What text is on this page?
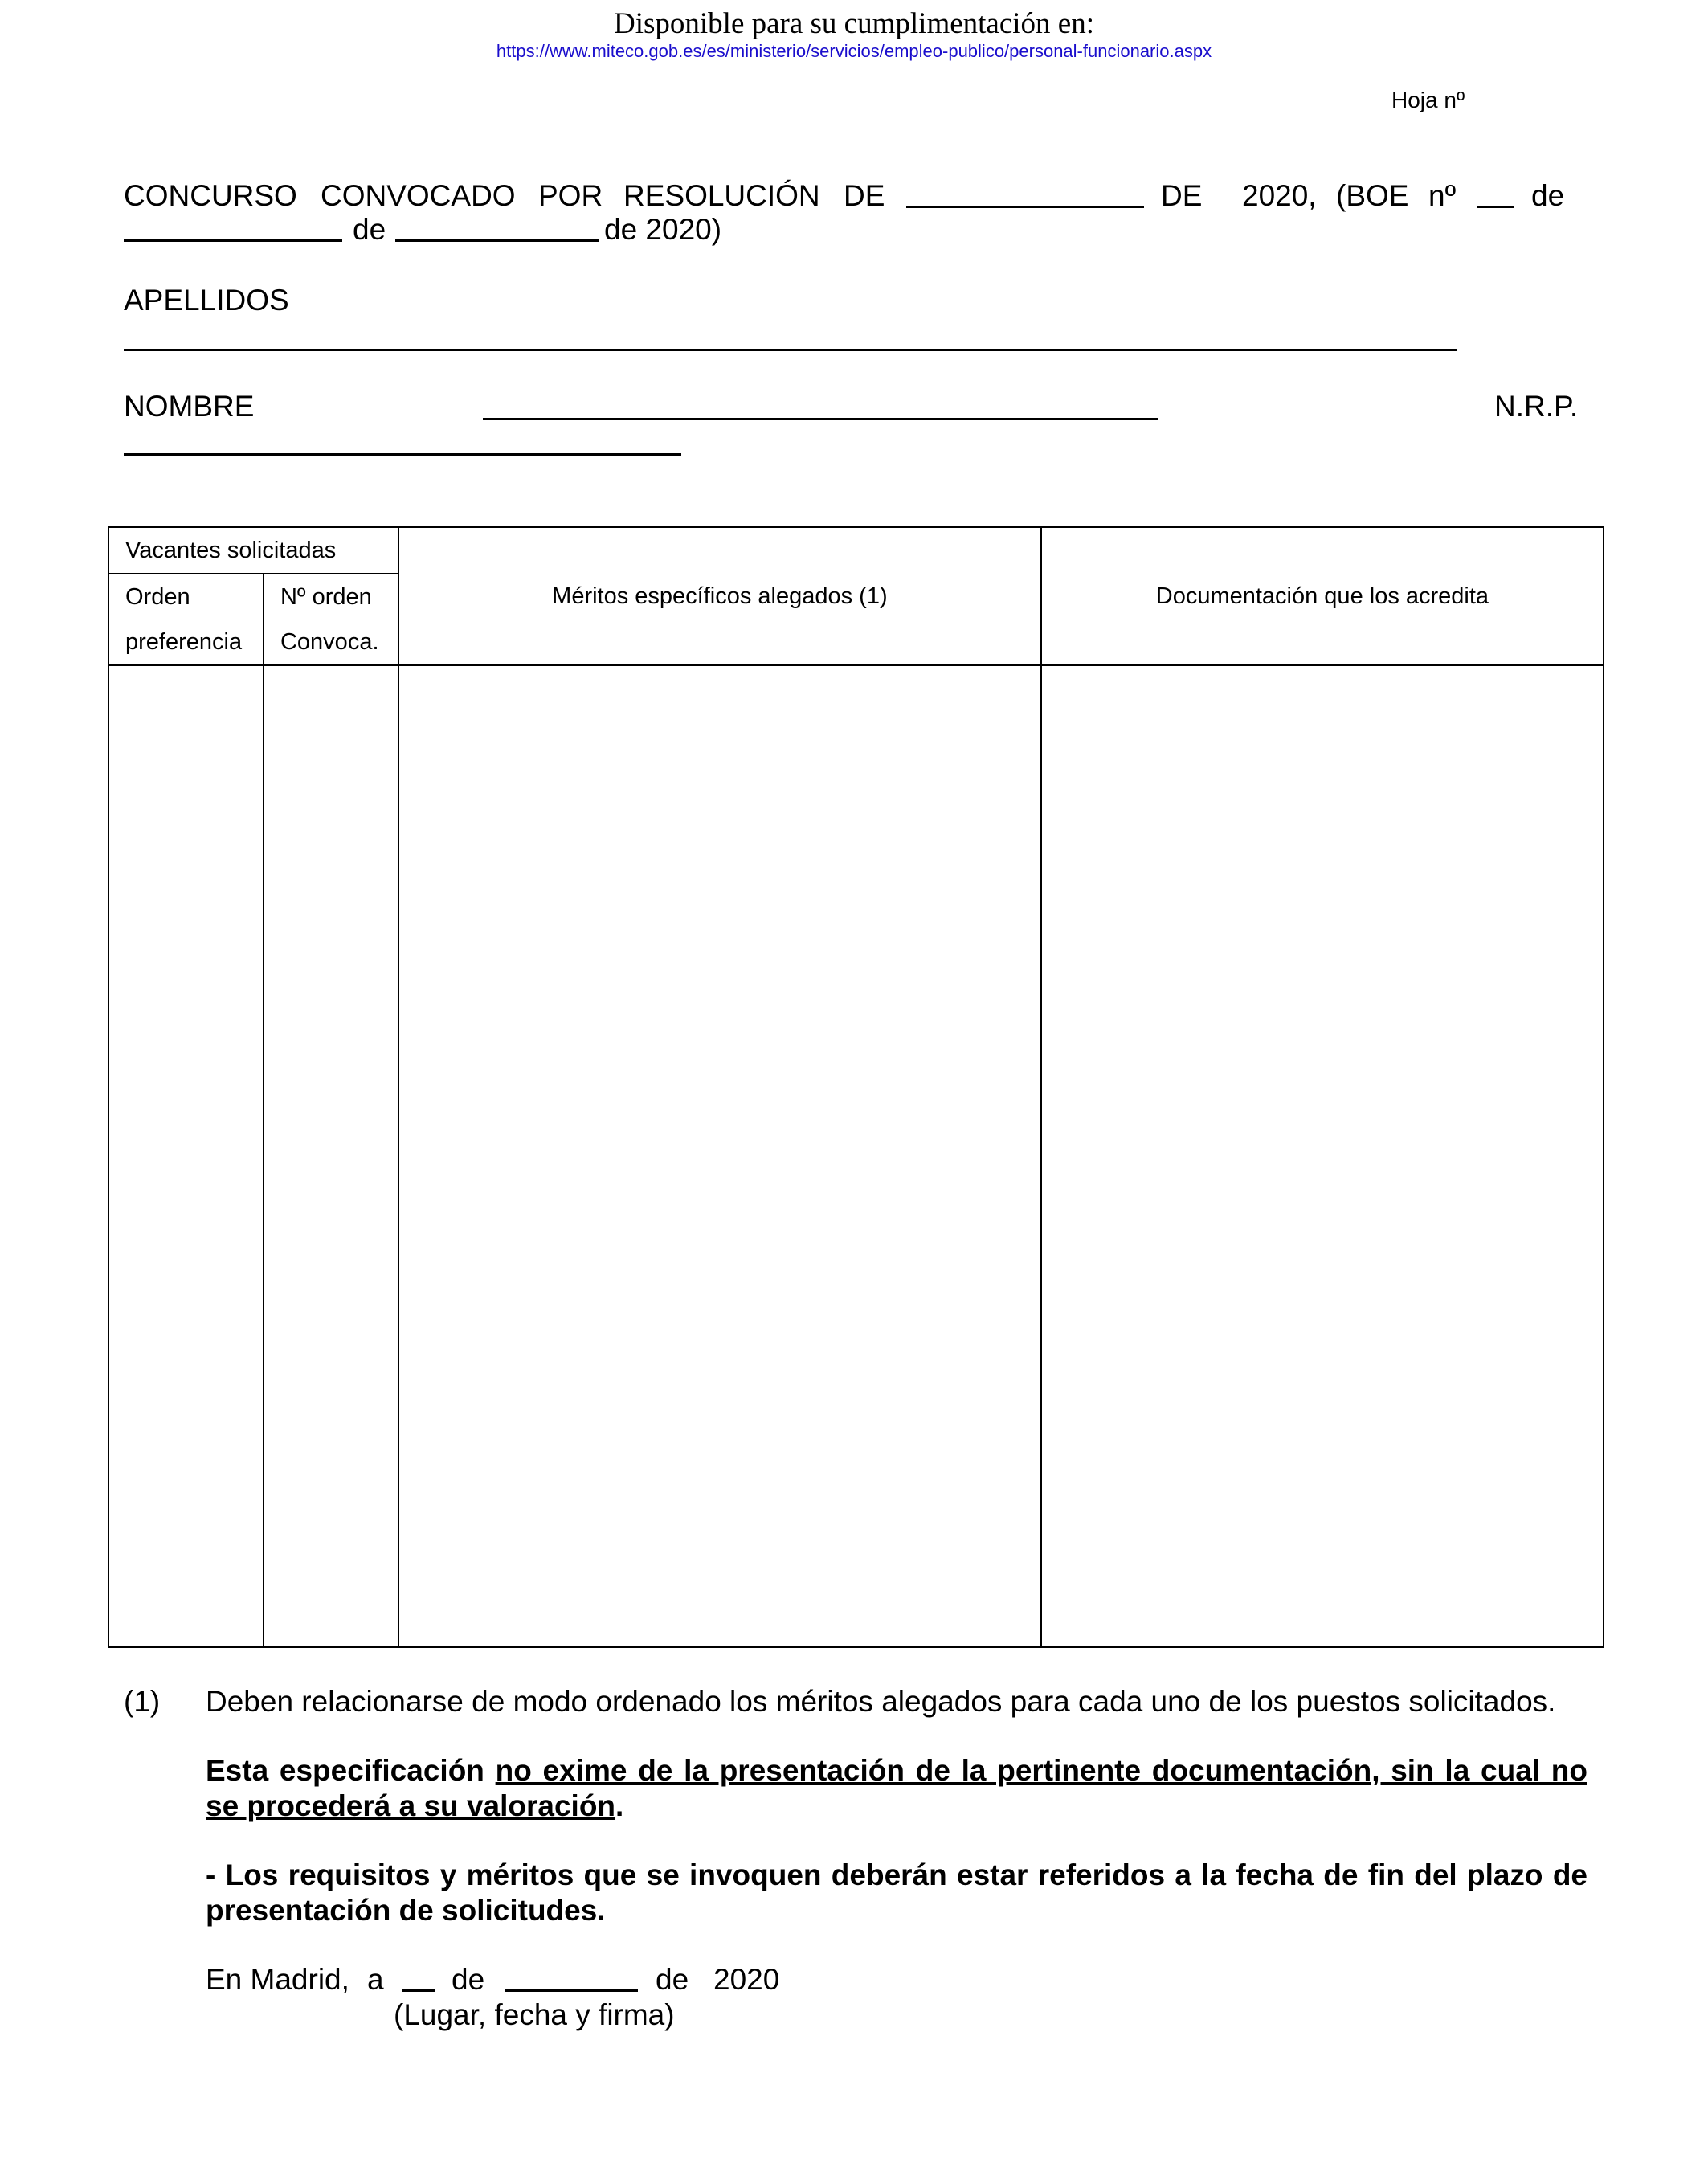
Disponible para su cumplimentación en:
https://www.miteco.gob.es/es/ministerio/servicios/empleo-publico/personal-funcionario.aspx
Hoja nº
CONCURSO CONVOCADO POR RESOLUCIÓN DE	DE 2020, (BOE nº	de
de	de 2020)
APELLIDOS
NOMBRE	N.R.P.
Vacantes solicitadas		Méritos específicos alegados (1)	Documentación que los acredita
Orden	Nº orden		
preferencia	Convoca.		

(1) Deben relacionarse de modo ordenado los méritos alegados para cada uno de los puestos solicitados.
Esta especificación no exime de la presentación de la pertinente documentación, sin la cual no se procederá a su valoración.
- Los requisitos y méritos que se invoquen deberán estar referidos a la fecha de fin del plazo de presentación de solicitudes.
En Madrid, a de	de 2020
(Lugar, fecha y firma)
